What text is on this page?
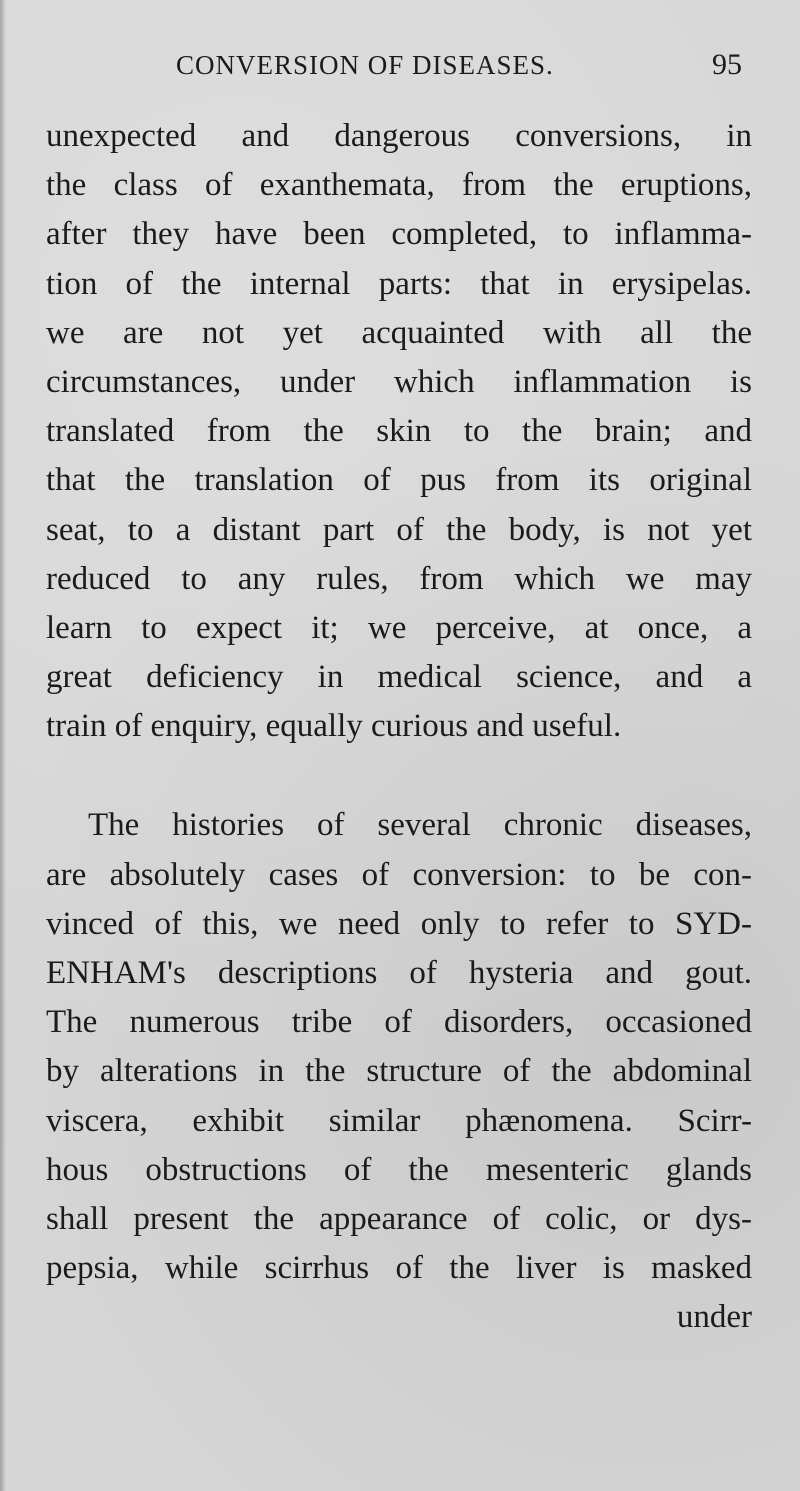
CONVERSION OF DISEASES.	95
unexpected and dangerous conversions, in
the class of exanthemata, from the eruptions,
after they have been completed, to inflamma-
tion of the internal parts: that in erysipelas.
we are not yet acquainted with all the
circumstances, under which inflammation is
translated from the skin to the brain; and
that the translation of pus from its original
seat, to a distant part of the body, is not yet
reduced to any rules, from which we may
learn to expect it; we perceive, at once, a
great deficiency in medical science, and a
train of enquiry, equally curious and useful.
The histories of several chronic diseases,
are absolutely cases of conversion: to be con-
vinced of this, we need only to refer to SYD-
ENHAM's descriptions of hysteria and gout.
The numerous tribe of disorders, occasioned
by alterations in the structure of the abdominal
viscera, exhibit similar phænomena. Scirr-
hous obstructions of the mesenteric glands
shall present the appearance of colic, or dys-
pepsia, while scirrhus of the liver is masked
under
